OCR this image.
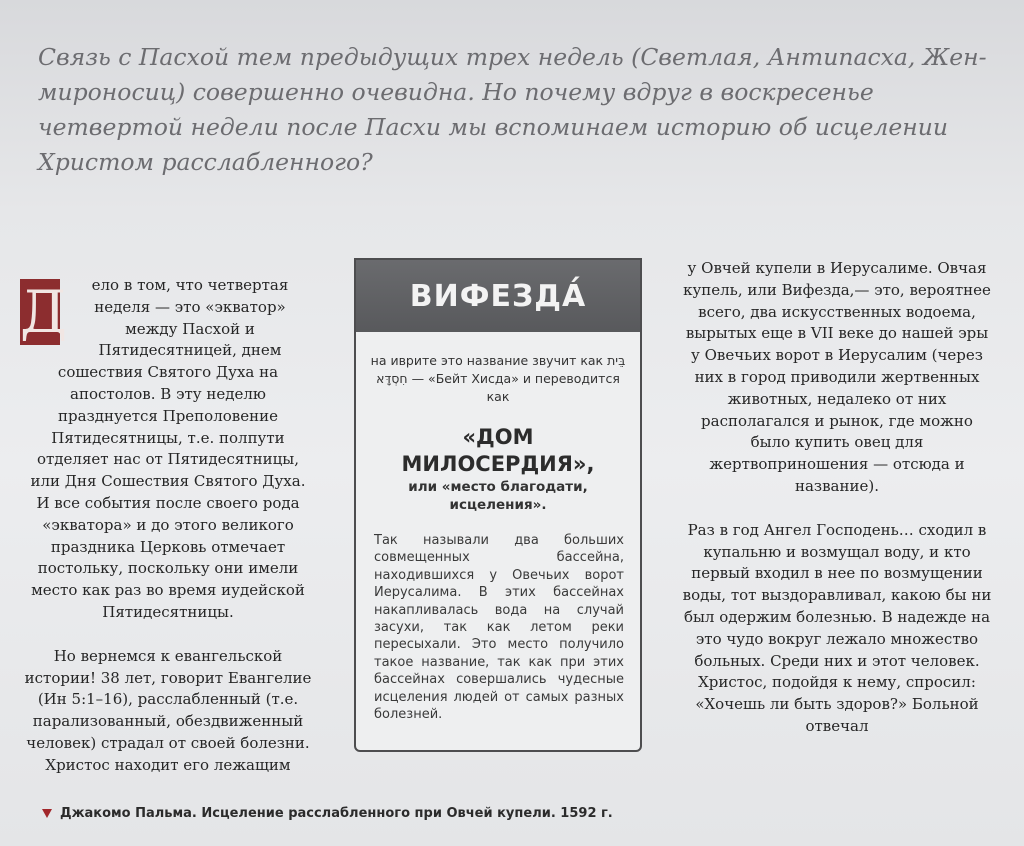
Связь с Пасхой тем предыдущих трех недель (Светлая, Антипасха, Жен-мироносиц) совершенно очевидна. Но почему вдруг в воскресенье четвертой недели после Пасхи мы вспоминаем историю об исцелении Христом расслабленного?

Д ело в том, что четвертая неделя — это «экватор» между Пасхой и Пятидесятницей, днем сошествия Святого Духа на апостолов. В эту неделю празднуется Преполовение Пятидесятницы, т.е. полпути отделяет нас от Пятидесятницы, или Дня Сошествия Святого Духа. И все события после своего рода «экватора» и до этого великого праздника Церковь отмечает постольку, поскольку они имели место как раз во время иудейской Пятидесятницы.

Но вернемся к евангельской истории! 38 лет, говорит Евангелие (Ин 5:1–16), расслабленный (т.е. парализованный, обездвиженный человек) страдал от своей болезни. Христос находит его лежащим

ВИФЕЗДА́
на иврите это название звучит как בֵּית חִסְדָּא — «Бейт Хисда» и переводится как
«ДОМ МИЛОСЕРДИЯ»,
или «место благодати, исцеления».
Так называли два больших совмещенных бассейна, находившихся у Овечьих ворот Иерусалима. В этих бассейнах накапливалась вода на случай засухи, так как летом реки пересыхали. Это место получило такое название, так как при этих бассейнах совершались чудесные исцеления людей от самых разных болезней.

у Овчей купели в Иерусалиме. Овчая купель, или Вифезда,— это, вероятнее всего, два искусственных водоема, вырытых еще в VII веке до нашей эры у Овечьих ворот в Иерусалим (через них в город приводили жертвенных животных, недалеко от них располагался и рынок, где можно было купить овец для жертвоприношения — отсюда и название).

Раз в год Ангел Господень… сходил в купальню и возмущал воду, и кто первый входил в нее по возмущении воды, тот выздоравливал, какою бы ни был одержим болезнью. В надежде на это чудо вокруг лежало множество больных. Среди них и этот человек. Христос, подойдя к нему, спросил: «Хочешь ли быть здоров?» Больной отвечал

Джакомо Пальма. Исцеление расслабленного при Овчей купели. 1592 г.
